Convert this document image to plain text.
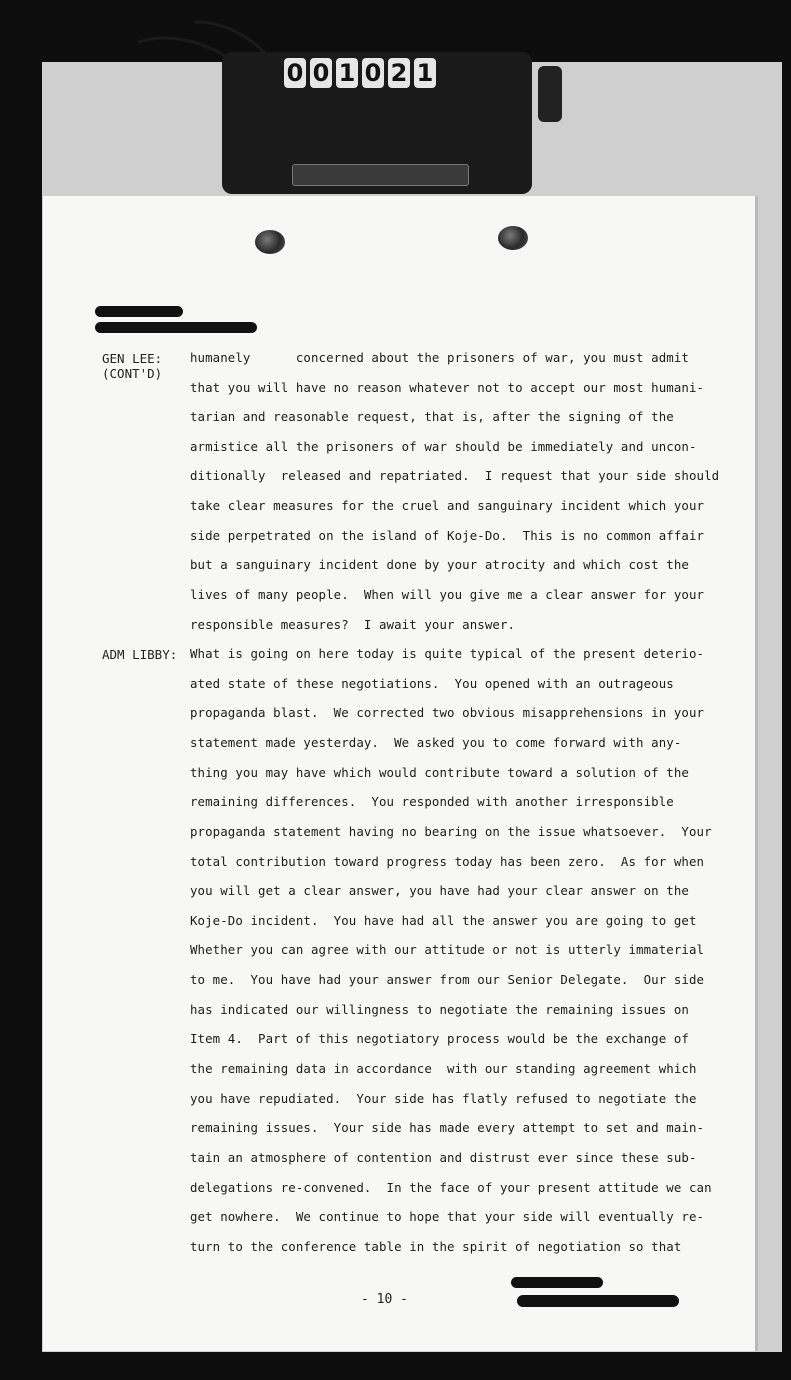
0 0 1 0 2 1
GEN LEE:
(CONT'D)
humanely      concerned about the prisoners of war, you must admit
that you will have no reason whatever not to accept our most humani-
tarian and reasonable request, that is, after the signing of the
armistice all the prisoners of war should be immediately and uncon-
ditionally  released and repatriated.  I request that your side should
take clear measures for the cruel and sanguinary incident which your
side perpetrated on the island of Koje-Do.  This is no common affair
but a sanguinary incident done by your atrocity and which cost the
lives of many people.  When will you give me a clear answer for your
responsible measures?  I await your answer.
ADM LIBBY: What is going on here today is quite typical of the present deterio-
ated state of these negotiations.  You opened with an outrageous
propaganda blast.  We corrected two obvious misapprehensions in your
statement made yesterday.  We asked you to come forward with any-
thing you may have which would contribute toward a solution of the
remaining differences.  You responded with another irresponsible
propaganda statement having no bearing on the issue whatsoever.  Your
total contribution toward progress today has been zero.  As for when
you will get a clear answer, you have had your clear answer on the
Koje-Do incident.  You have had all the answer you are going to get
Whether you can agree with our attitude or not is utterly immaterial
to me.  You have had your answer from our Senior Delegate.  Our side
has indicated our willingness to negotiate the remaining issues on
Item 4.  Part of this negotiatory process would be the exchange of
the remaining data in accordance  with our standing agreement which
you have repudiated.  Your side has flatly refused to negotiate the
remaining issues.  Your side has made every attempt to set and main-
tain an atmosphere of contention and distrust ever since these sub-
delegations re-convened.  In the face of your present attitude we can
get nowhere.  We continue to hope that your side will eventually re-
turn to the conference table in the spirit of negotiation so that
- 10 -
